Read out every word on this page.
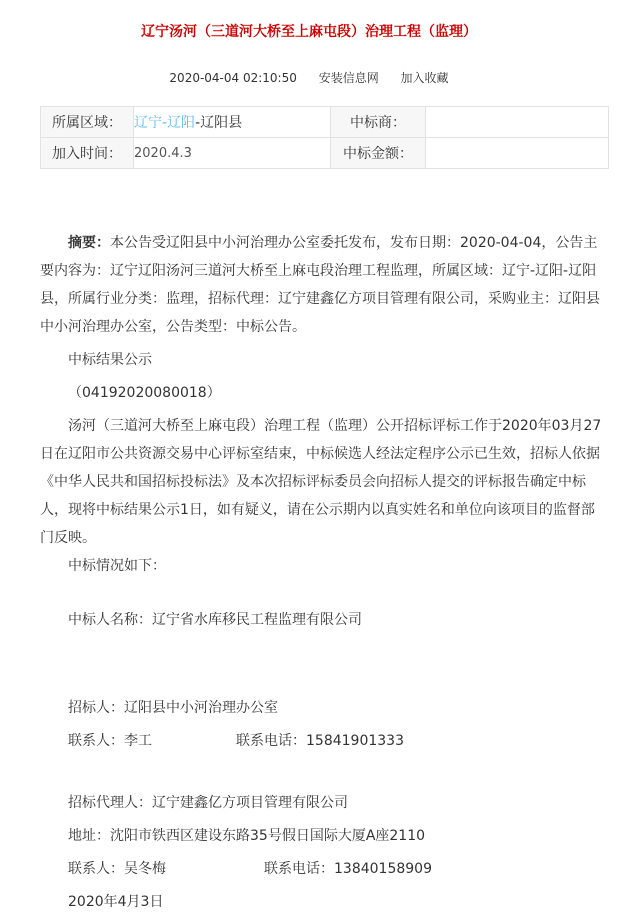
辽宁汤河（三道河大桥至上麻屯段）治理工程（监理）
2020-04-04 02:10:50 安装信息网 加入收藏
所属区域：	辽宁-辽阳-辽阳县	中标商：	
加入时间：	2020.4.3	中标金额：	

摘要：本公告受辽阳县中小河治理办公室委托发布，发布日期：2020-04-04，公告主要内容为：辽宁辽阳汤河三道河大桥至上麻屯段治理工程监理，所属区域：辽宁-辽阳-辽阳县，所属行业分类：监理，招标代理：辽宁建鑫亿方项目管理有限公司，采购业主：辽阳县中小河治理办公室，公告类型：中标公告。

中标结果公示

（04192020080018）

汤河（三道河大桥至上麻屯段）治理工程（监理）公开招标评标工作于2020年03月27日在辽阳市公共资源交易中心评标室结束，中标候选人经法定程序公示已生效，招标人依据《中华人民共和国招标投标法》及本次招标评标委员会向招标人提交的评标报告确定中标人，现将中标结果公示1日，如有疑义，请在公示期内以真实姓名和单位向该项目的监督部门反映。

中标情况如下：

中标人名称：辽宁省水库移民工程监理有限公司

招标人：辽阳县中小河治理办公室

联系人：李工　　　　　　联系电话：15841901333

招标代理人：辽宁建鑫亿方项目管理有限公司

地址：沈阳市铁西区建设东路35号假日国际大厦A座2110

联系人：吴冬梅　　　　　　　联系电话：13840158909

2020年4月3日
